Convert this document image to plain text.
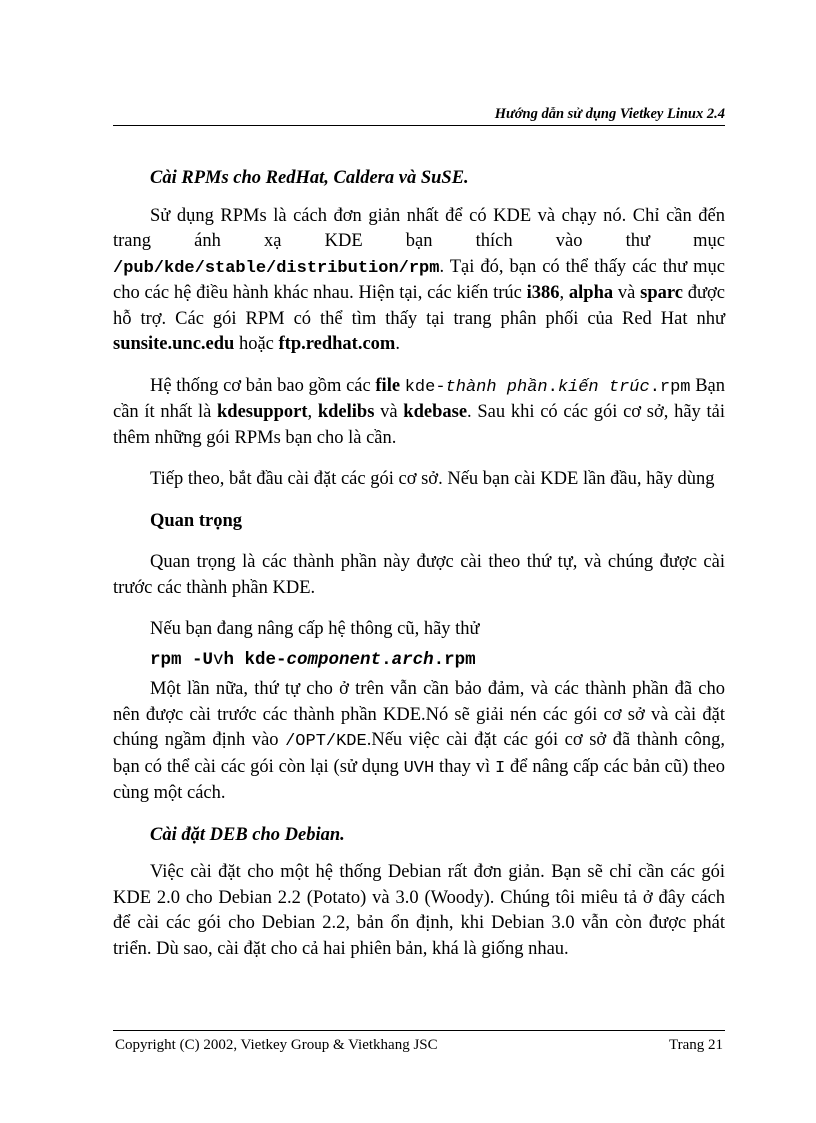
Hướng dẫn sử dụng Vietkey Linux 2.4
Cài RPMs cho RedHat, Caldera và SuSE.

Sử dụng RPMs là cách đơn giản nhất để có KDE và chạy nó. Chỉ cần đến trang ánh xạ KDE bạn thích vào thư mục /pub/kde/stable/distribution/rpm. Tại đó, bạn có thể thấy các thư mục cho các hệ điều hành khác nhau. Hiện tại, các kiến trúc i386, alpha và sparc được hỗ trợ. Các gói RPM có thể tìm thấy tại trang phân phối của Red Hat như sunsite.unc.edu hoặc ftp.redhat.com.

Hệ thống cơ bản bao gồm các file kde-thành phần.kiến trúc.rpm Bạn cần ít nhất là kdesupport, kdelibs và kdebase. Sau khi có các gói cơ sở, hãy tải thêm những gói RPMs bạn cho là cần.

Tiếp theo, bắt đầu cài đặt các gói cơ sở. Nếu bạn cài KDE lần đầu, hãy dùng

Quan trọng

Quan trọng là các thành phần này được cài theo thứ tự, và chúng được cài trước các thành phần KDE.

Nếu bạn đang nâng cấp hệ thông cũ, hãy thử

rpm -Uvh kde-component.arch.rpm

Một lần nữa, thứ tự cho ở trên vẫn cần bảo đảm, và các thành phần đã cho nên được cài trước các thành phần KDE.Nó sẽ giải nén các gói cơ sở và cài đặt chúng ngầm định vào /OPT/KDE.Nếu việc cài đặt các gói cơ sở đã thành công, bạn có thể cài các gói còn lại (sử dụng UVH thay vì I để nâng cấp các bản cũ) theo cùng một cách.

Cài đặt DEB cho Debian.

Việc cài đặt cho một hệ thống Debian rất đơn giản. Bạn sẽ chỉ cần các gói KDE 2.0 cho Debian 2.2 (Potato) và 3.0 (Woody). Chúng tôi miêu tả ở đây cách để cài các gói cho Debian 2.2, bản ổn định, khi Debian 3.0 vẫn còn được phát triển. Dù sao, cài đặt cho cả hai phiên bản, khá là giống nhau.

Copyright (C) 2002, Vietkey Group & Vietkhang JSC	Trang 21
